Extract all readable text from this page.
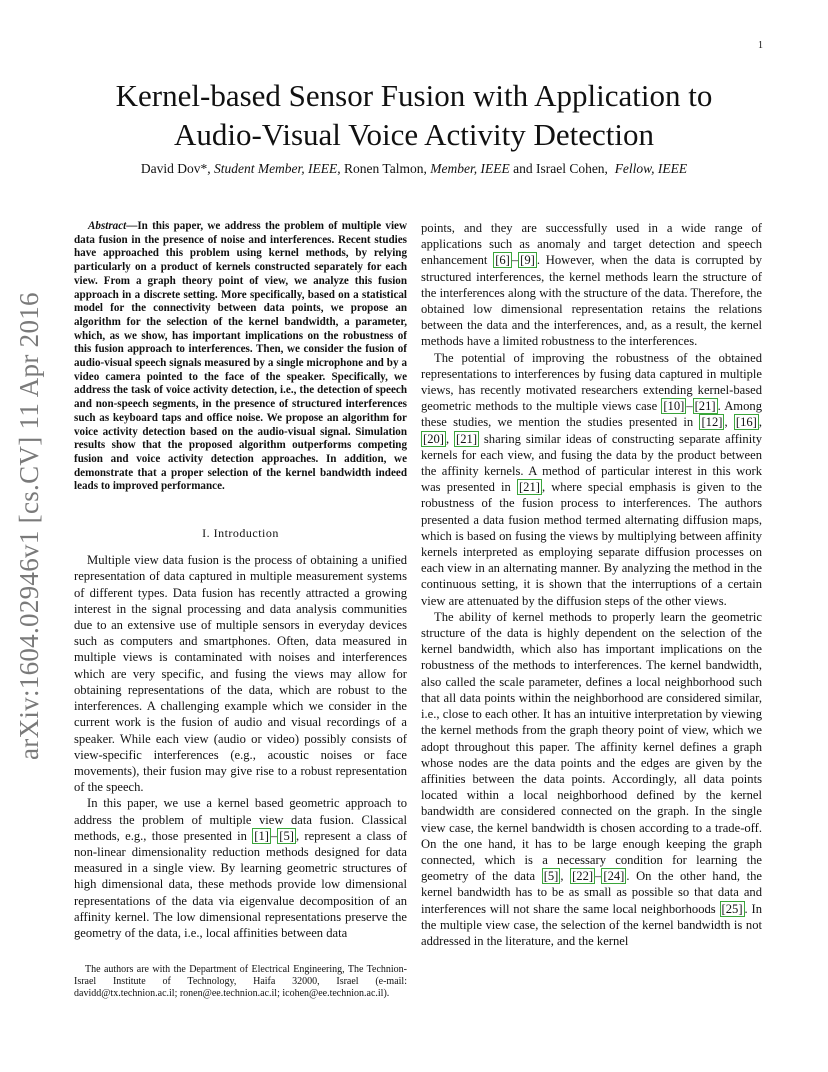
1
arXiv:1604.02946v1 [cs.CV] 11 Apr 2016
Kernel-based Sensor Fusion with Application to
Audio-Visual Voice Activity Detection
David Dov*, Student Member, IEEE, Ronen Talmon, Member, IEEE and Israel Cohen, Fellow, IEEE

Abstract—In this paper, we address the problem of multiple view data fusion in the presence of noise and interferences. Recent studies have approached this problem using kernel methods, by relying particularly on a product of kernels constructed separately for each view. From a graph theory point of view, we analyze this fusion approach in a discrete setting. More specifically, based on a statistical model for the connectivity between data points, we propose an algorithm for the selection of the kernel bandwidth, a parameter, which, as we show, has important implications on the robustness of this fusion approach to interferences. Then, we consider the fusion of audio-visual speech signals measured by a single microphone and by a video camera pointed to the face of the speaker. Specifically, we address the task of voice activity detection, i.e., the detection of speech and non-speech segments, in the presence of structured interferences such as keyboard taps and office noise. We propose an algorithm for voice activity detection based on the audio-visual signal. Simulation results show that the proposed algorithm outperforms competing fusion and voice activity detection approaches. In addition, we demonstrate that a proper selection of the kernel bandwidth indeed leads to improved performance.

I. Introduction

Multiple view data fusion is the process of obtaining a unified representation of data captured in multiple measurement systems of different types. Data fusion has recently attracted a growing interest in the signal processing and data analysis communities due to an extensive use of multiple sensors in everyday devices such as computers and smartphones. Often, data measured in multiple views is contaminated with noises and interferences which are very specific, and fusing the views may allow for obtaining representations of the data, which are robust to the interferences. A challenging example which we consider in the current work is the fusion of audio and visual recordings of a speaker. While each view (audio or video) possibly consists of view-specific interferences (e.g., acoustic noises or face movements), their fusion may give rise to a robust representation of the speech.

In this paper, we use a kernel based geometric approach to address the problem of multiple view data fusion. Classical methods, e.g., those presented in [1] – [5] , represent a class of non-linear dimensionality reduction methods designed for data measured in a single view. By learning geometric structures of high dimensional data, these methods provide low dimensional representations of the data via eigenvalue decomposition of an affinity kernel. The low dimensional representations preserve the geometry of the data, i.e., local affinities between data

points, and they are successfully used in a wide range of applications such as anomaly and target detection and speech enhancement [6] – [9] . However, when the data is corrupted by structured interferences, the kernel methods learn the structure of the interferences along with the structure of the data. Therefore, the obtained low dimensional representation retains the relations between the data and the interferences, and, as a result, the kernel methods have a limited robustness to the interferences.

The potential of improving the robustness of the obtained representations to interferences by fusing data captured in multiple views, has recently motivated researchers extending kernel-based geometric methods to the multiple views case [10] – [21] . Among these studies, we mention the studies presented in [12] , [16] , [20] , [21] sharing similar ideas of constructing separate affinity kernels for each view, and fusing the data by the product between the affinity kernels. A method of particular interest in this work was presented in [21] , where special emphasis is given to the robustness of the fusion process to interferences. The authors presented a data fusion method termed alternating diffusion maps, which is based on fusing the views by multiplying between affinity kernels interpreted as employing separate diffusion processes on each view in an alternating manner. By analyzing the method in the continuous setting, it is shown that the interruptions of a certain view are attenuated by the diffusion steps of the other views.

The ability of kernel methods to properly learn the geometric structure of the data is highly dependent on the selection of the kernel bandwidth, which also has important implications on the robustness of the methods to interferences. The kernel bandwidth, also called the scale parameter, defines a local neighborhood such that all data points within the neighborhood are considered similar, i.e., close to each other. It has an intuitive interpretation by viewing the kernel methods from the graph theory point of view, which we adopt throughout this paper. The affinity kernel defines a graph whose nodes are the data points and the edges are given by the affinities between the data points. Accordingly, all data points located within a local neighborhood defined by the kernel bandwidth are considered connected on the graph. In the single view case, the kernel bandwidth is chosen according to a trade-off. On the one hand, it has to be large enough keeping the graph connected, which is a necessary condition for learning the geometry of the data [5] , [22] – [24] . On the other hand, the kernel bandwidth has to be as small as possible so that data and interferences will not share the same local neighborhoods [25] . In the multiple view case, the selection of the kernel bandwidth is not addressed in the literature, and the kernel

The authors are with the Department of Electrical Engineering, The Technion-Israel Institute of Technology, Haifa 32000, Israel (e-mail: davidd@tx.technion.ac.il; ronen@ee.technion.ac.il; icohen@ee.technion.ac.il).
